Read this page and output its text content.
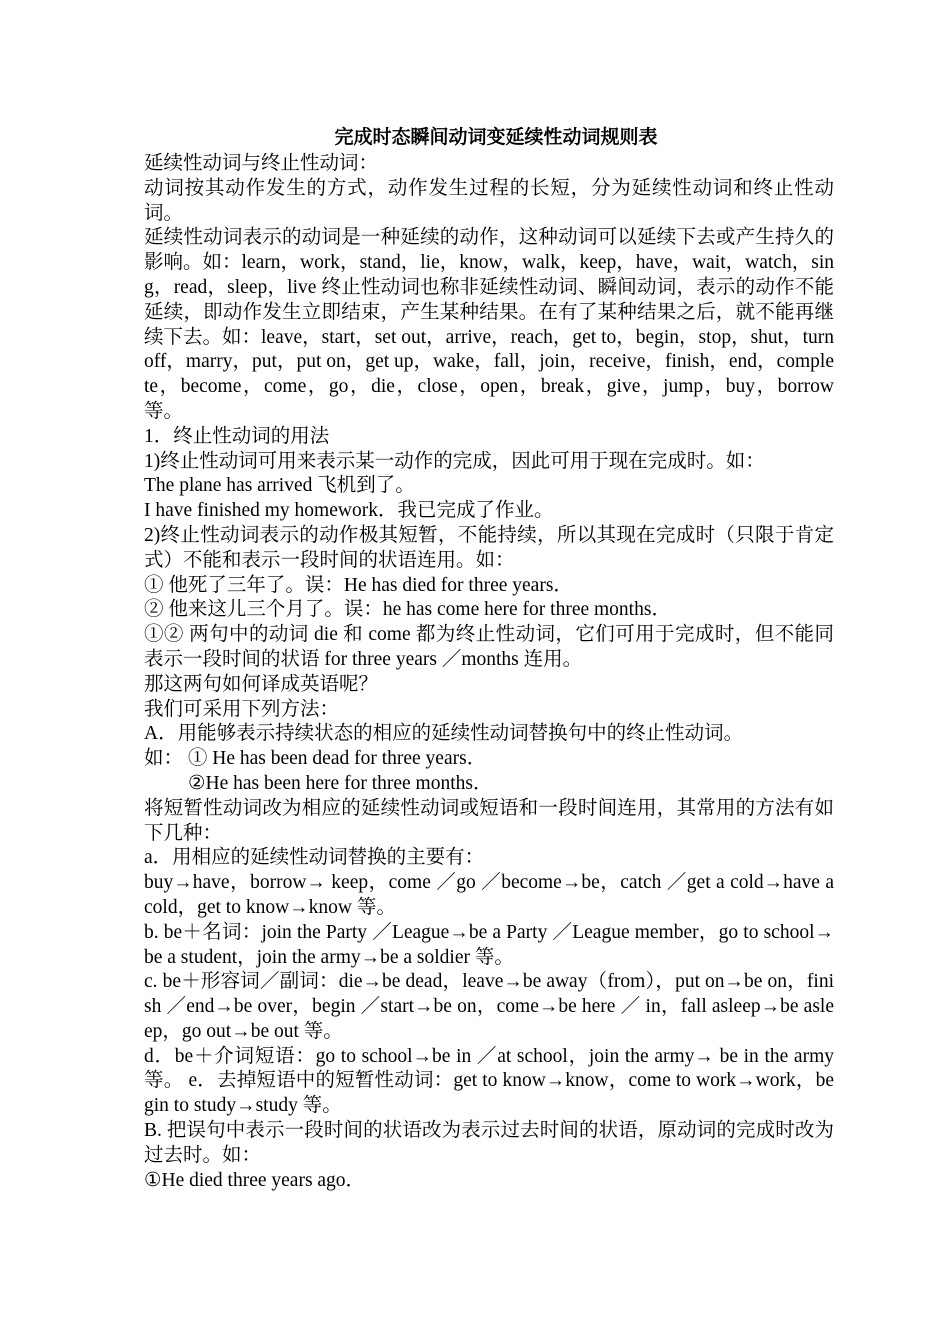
完成时态瞬间动词变延续性动词规则表

延续性动词与终止性动词：

动词按其动作发生的方式，动作发生过程的长短，分为延续性动词和终止性动词。

延续性动词表示的动词是一种延续的动作，这种动词可以延续下去或产生持久的影响。如：learn，work，stand，lie，know，walk，keep，have，wait，watch，sing，read，sleep，live 终止性动词也称非延续性动词、瞬间动词，表示的动作不能延续，即动作发生立即结束，产生某种结果。在有了某种结果之后，就不能再继续下去。如：leave，start，set out，arrive，reach，get to，begin，stop，shut，turn off，marry，put，put on，get up，wake，fall，join，receive，finish，end，complete，become，come，go，die，close，open，break，give，jump，buy，borrow 等。

1．终止性动词的用法

1)终止性动词可用来表示某一动作的完成，因此可用于现在完成时。如：

The plane has arrived 飞机到了。

I have finished my homework．我已完成了作业。

2)终止性动词表示的动作极其短暂，不能持续，所以其现在完成时（只限于肯定式）不能和表示一段时间的状语连用。如：

① 他死了三年了。误：He has died for three years．

② 他来这儿三个月了。误：he has come here for three months．

①② 两句中的动词 die 和 come 都为终止性动词，它们可用于完成时，但不能同表示一段时间的状语 for three years ／months 连用。

那这两句如何译成英语呢？

我们可采用下列方法：

A．用能够表示持续状态的相应的延续性动词替换句中的终止性动词。

如： ① He has been dead for three years．

②He has been here for three months．

将短暂性动词改为相应的延续性动词或短语和一段时间连用，其常用的方法有如下几种：

a．用相应的延续性动词替换的主要有：

buy→have，borrow→ keep，come ／go ／become→be，catch ／get a cold→have a cold，get to know→know 等。

b. be＋名词：join the Party ／League→be a Party ／League member，go to school→be a student，join the army→be a soldier 等。

c. be＋形容词／副词：die→be dead，leave→be away（from），put on→be on，finish ／end→be over，begin ／start→be on，come→be here ／ in，fall asleep→be asleep，go out→be out 等。

d．be＋介词短语：go to school→be in ／at school，join the army→ be in the army 等。 e．去掉短语中的短暂性动词：get to know→know，come to work→work，begin to study→study 等。

B. 把误句中表示一段时间的状语改为表示过去时间的状语，原动词的完成时改为过去时。如：

①He died three years ago．
